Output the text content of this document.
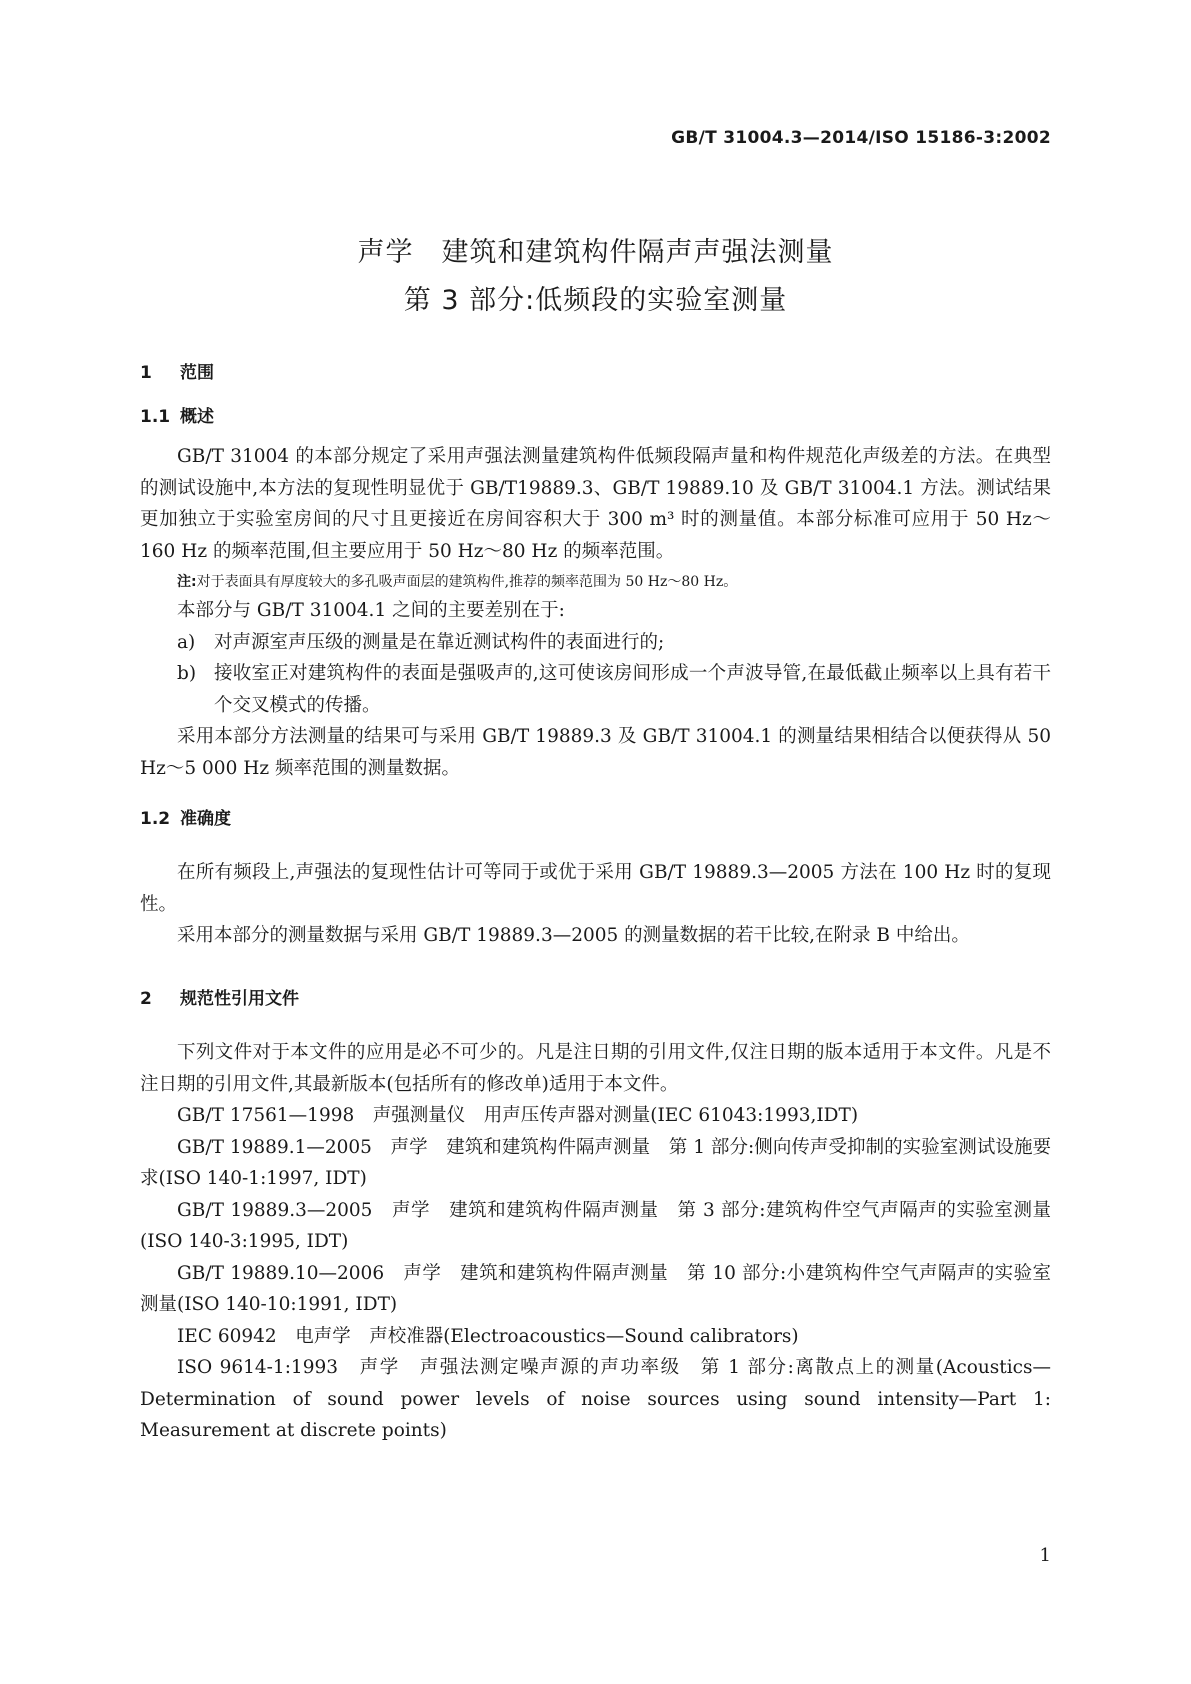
GB/T 31004.3—2014/ISO 15186-3:2002
声学　建筑和建筑构件隔声声强法测量
第 3 部分:低频段的实验室测量
1 范围
1.1 概述

GB/T 31004 的本部分规定了采用声强法测量建筑构件低频段隔声量和构件规范化声级差的方法。在典型的测试设施中,本方法的复现性明显优于 GB/T19889.3、GB/T 19889.10 及 GB/T 31004.1 方法。测试结果更加独立于实验室房间的尺寸且更接近在房间容积大于 300 m³ 时的测量值。本部分标准可应用于 50 Hz～160 Hz 的频率范围,但主要应用于 50 Hz～80 Hz 的频率范围。

注:对于表面具有厚度较大的多孔吸声面层的建筑构件,推荐的频率范围为 50 Hz～80 Hz。

本部分与 GB/T 31004.1 之间的主要差别在于:

a) 对声源室声压级的测量是在靠近测试构件的表面进行的;

b) 接收室正对建筑构件的表面是强吸声的,这可使该房间形成一个声波导管,在最低截止频率以上具有若干个交叉模式的传播。

采用本部分方法测量的结果可与采用 GB/T 19889.3 及 GB/T 31004.1 的测量结果相结合以便获得从 50 Hz～5 000 Hz 频率范围的测量数据。

1.2 准确度

在所有频段上,声强法的复现性估计可等同于或优于采用 GB/T 19889.3—2005 方法在 100 Hz 时的复现性。

采用本部分的测量数据与采用 GB/T 19889.3—2005 的测量数据的若干比较,在附录 B 中给出。

2 规范性引用文件

下列文件对于本文件的应用是必不可少的。凡是注日期的引用文件,仅注日期的版本适用于本文件。凡是不注日期的引用文件,其最新版本(包括所有的修改单)适用于本文件。

GB/T 17561—1998　声强测量仪　用声压传声器对测量(IEC 61043:1993,IDT)

GB/T 19889.1—2005　声学　建筑和建筑构件隔声测量　第 1 部分:侧向传声受抑制的实验室测试设施要求(ISO 140-1:1997, IDT)

GB/T 19889.3—2005　声学　建筑和建筑构件隔声测量　第 3 部分:建筑构件空气声隔声的实验室测量(ISO 140-3:1995, IDT)

GB/T 19889.10—2006　声学　建筑和建筑构件隔声测量　第 10 部分:小建筑构件空气声隔声的实验室测量(ISO 140-10:1991, IDT)

IEC 60942　电声学　声校准器(Electroacoustics—Sound calibrators)

ISO 9614-1:1993　声学　声强法测定噪声源的声功率级　第 1 部分:离散点上的测量(Acoustics—Determination of sound power levels of noise sources using sound intensity—Part 1: Measurement at discrete points)

1
